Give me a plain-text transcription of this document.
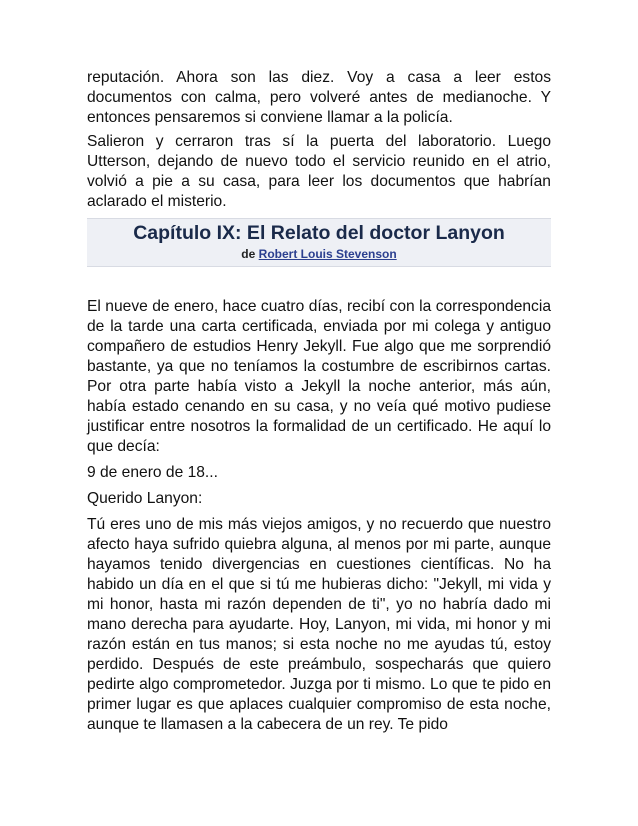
reputación. Ahora son las diez. Voy a casa a leer estos documentos con calma, pero volveré antes de medianoche. Y entonces pensaremos si conviene llamar a la policía.

Salieron y cerraron tras sí la puerta del laboratorio. Luego Utterson, dejando de nuevo todo el servicio reunido en el atrio, volvió a pie a su casa, para leer los documentos que habrían aclarado el misterio.

Capítulo IX: El Relato del doctor Lanyon

de Robert Louis Stevenson

El nueve de enero, hace cuatro días, recibí con la correspondencia de la tarde una carta certificada, enviada por mi colega y antiguo compañero de estudios Henry Jekyll. Fue algo que me sorprendió bastante, ya que no teníamos la costumbre de escribirnos cartas. Por otra parte había visto a Jekyll la noche anterior, más aún, había estado cenando en su casa, y no veía qué motivo pudiese justificar entre nosotros la formalidad de un certificado. He aquí lo que decía:

9 de enero de 18...

Querido Lanyon:

Tú eres uno de mis más viejos amigos, y no recuerdo que nuestro afecto haya sufrido quiebra alguna, al menos por mi parte, aunque hayamos tenido divergencias en cuestiones científicas. No ha habido un día en el que si tú me hubieras dicho: "Jekyll, mi vida y mi honor, hasta mi razón dependen de ti", yo no habría dado mi mano derecha para ayudarte. Hoy, Lanyon, mi vida, mi honor y mi razón están en tus manos; si esta noche no me ayudas tú, estoy perdido. Después de este preámbulo, sospecharás que quiero pedirte algo comprometedor. Juzga por ti mismo. Lo que te pido en primer lugar es que aplaces cualquier compromiso de esta noche, aunque te llamasen a la cabecera de un rey. Te pido
